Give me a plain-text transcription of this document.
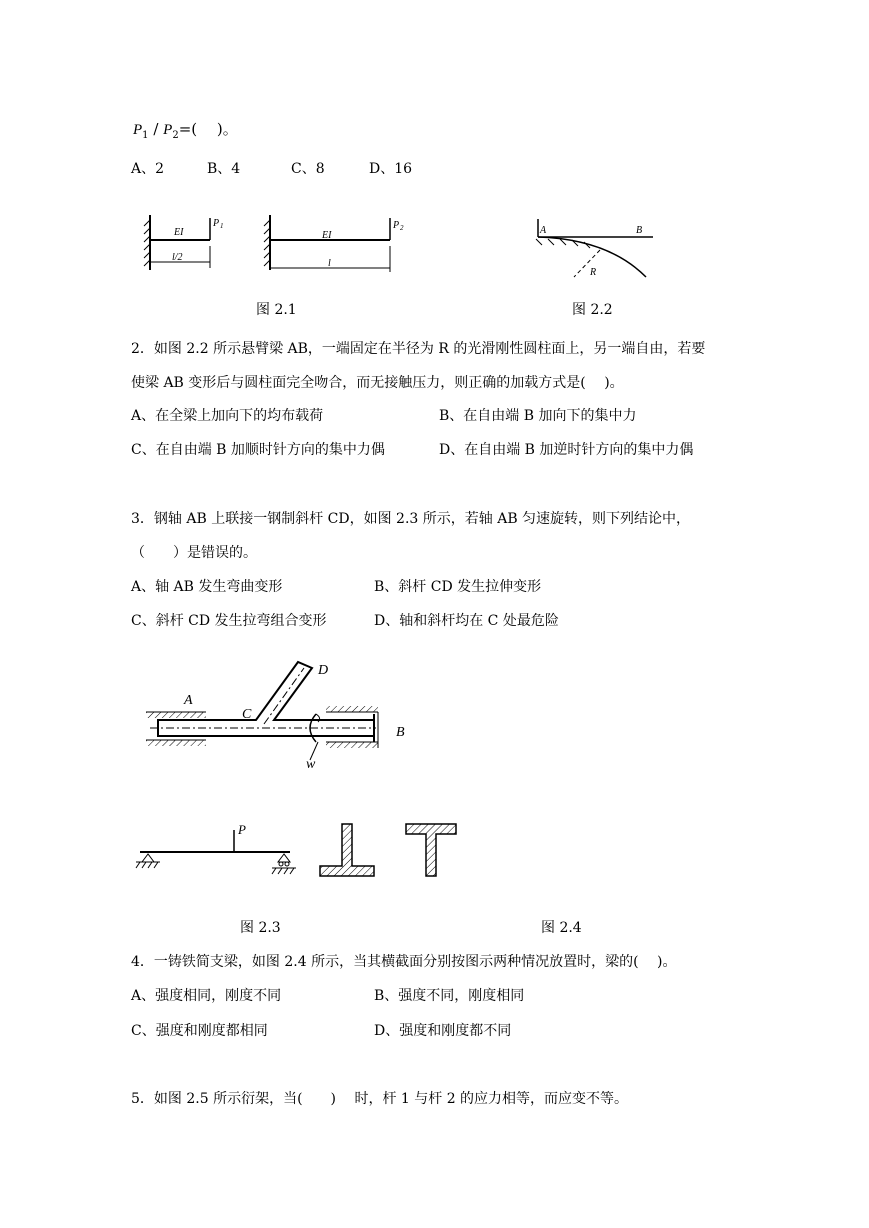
$P_1 / P_2=$(　 )。
A、2	B、4	C、8	D、16
EI
P 1
l/2
EI
P 2
l
图 2.1
A	B
R
图 2.2
2．如图 2.2 所示悬臂梁 AB，一端固定在半径为 R 的光滑刚性圆柱面上，另一端自由，若要
使梁 AB 变形后与圆柱面完全吻合，而无接触压力，则正确的加载方式是(　 )。
A、在全梁上加向下的均布载荷	B、在自由端 B 加向下的集中力
C、在自由端 B 加顺时针方向的集中力偶	D、在自由端 B 加逆时针方向的集中力偶
3．钢轴 AB 上联接一钢制斜杆 CD，如图 2.3 所示，若轴 AB 匀速旋转，则下列结论中，
（　　）是错误的。
A、轴 AB 发生弯曲变形	B、斜杆 CD 发生拉伸变形
C、斜杆 CD 发生拉弯组合变形	D、轴和斜杆均在 C 处最危险
A
C
D
B
w
P
图 2.3	图 2.4
4．一铸铁简支梁，如图 2.4 所示，当其横截面分别按图示两种情况放置时，梁的(　 )。
A、强度相同，刚度不同	B、强度不同，刚度相同
C、强度和刚度都相同	D、强度和刚度都不同
5．如图 2.5 所示衍架，当(　　)　 时，杆 1 与杆 2 的应力相等，而应变不等。
